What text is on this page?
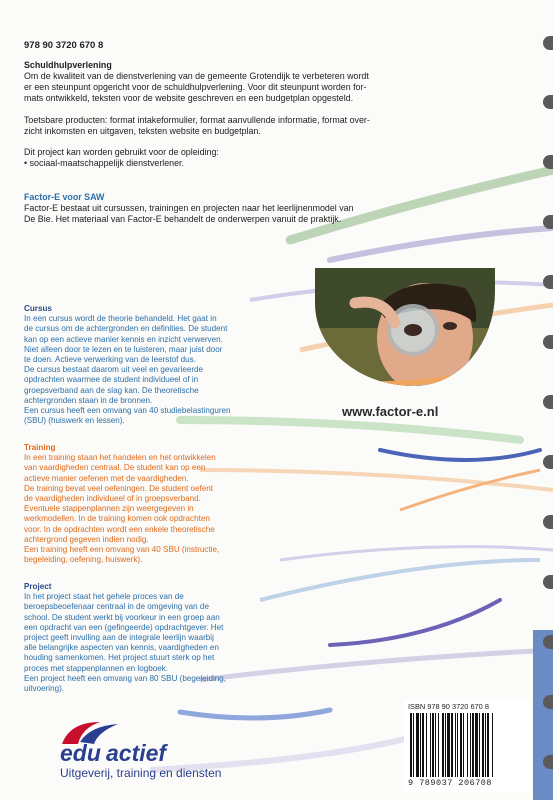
978 90 3720 670 8
Schuldhulpverlening
Om de kwaliteit van de dienstverlening van de gemeente Grotendijk te verbeteren wordt
er een steunpunt opgericht voor de schuldhulpverlening. Voor dit steunpunt worden for-
mats ontwikkeld, teksten voor de website geschreven en een budgetplan opgesteld.
Toetsbare producten: format intakeformulier, format aanvullende informatie, format over-
zicht inkomsten en uitgaven, teksten website en budgetplan.
Dit project kan worden gebruikt voor de opleiding:
• sociaal-maatschappelijk dienstverlener.
Factor-E voor SAW
Factor-E bestaat uit cursussen, trainingen en projecten naar het leerlijnenmodel van
De Bie. Het materiaal van Factor-E behandelt de onderwerpen vanuit de praktijk.
Cursus
In een cursus wordt de theorie behandeld. Het gaat in
de cursus om de achtergronden en definities. De student
kan op een actieve manier kennis en inzicht verwerven.
Niet alleen door te lezen en te luisteren, maar juist door
te doen. Actieve verwerking van de leerstof dus.
De cursus bestaat daarom uit veel en gevarieerde
opdrachten waarmee de student individueel of in
groepsverband aan de slag kan. De theoretische
achtergronden staan in de bronnen.
Een cursus heeft een omvang van 40 studiebelastinguren
(SBU) (huiswerk en lessen).
Training
In een training staan het handelen en het ontwikkelen
van vaardigheden centraal. De student kan op een
actieve manier oefenen met de vaardigheden.
De training bevat veel oefeningen. De student oefent
de vaardigheden individueel of in groepsverband.
Eventuele stappenplannen zijn weergegeven in
werkmodellen. In de training komen ook opdrachten
voor. In de opdrachten wordt een enkele theoretische
achtergrond gegeven indien nodig.
Een training heeft een omvang van 40 SBU (instructie,
begeleiding, oefening, huiswerk).
Project
In het project staat het gehele proces van de
beroepsbeoefenaar centraal in de omgeving van de
school. De student werkt bij voorkeur in een groep aan
een opdracht van een (gefingeerde) opdrachtgever. Het
project geeft invulling aan de integrale leerlijn waarbij
alle belangrijke aspecten van kennis, vaardigheden en
houding samenkomen. Het project stuurt sterk op het
proces met stappenplannen en logboek.
Een project heeft een omvang van 80 SBU (begeleiding,
uitvoering).
www.factor-e.nl
edu actief
Uitgeverij, training en diensten
ISBN 978 90 3720 670 8
9 789037 206708
